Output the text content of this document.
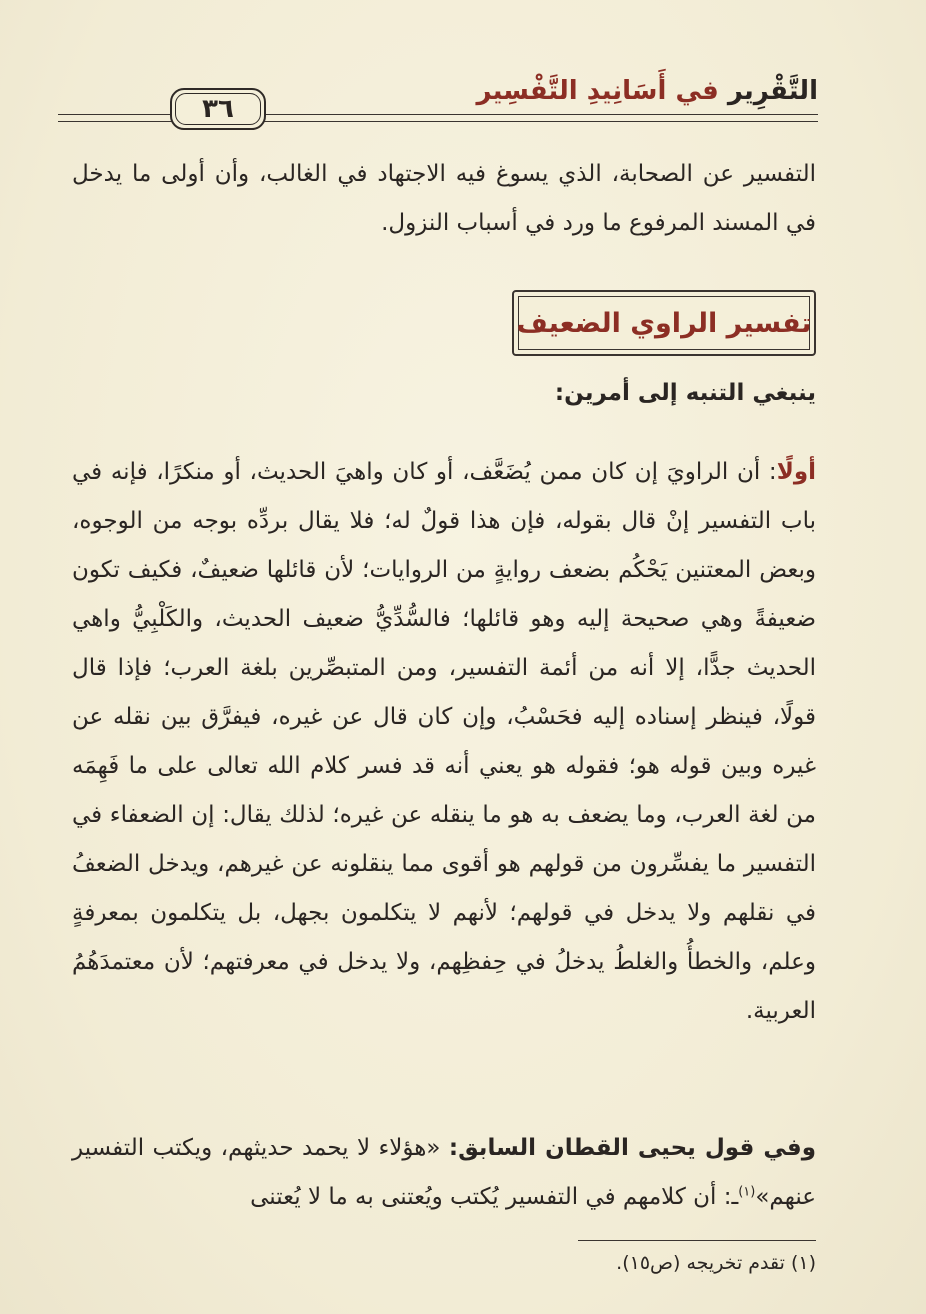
التَّقْرِير في أَسَانِيدِ التَّفْسِير
٣٦
التفسير عن الصحابة، الذي يسوغ فيه الاجتهاد في الغالب، وأن أولى ما يدخل في المسند المرفوع ما ورد في أسباب النزول.
تفسير الراوي الضعيف
ينبغي التنبه إلى أمرين:
أولًا: أن الراويَ إن كان ممن يُضَعَّف، أو كان واهيَ الحديث، أو منكرًا، فإنه في باب التفسير إنْ قال بقوله، فإن هذا قولٌ له؛ فلا يقال بردِّه بوجه من الوجوه، وبعض المعتنين يَحْكُم بضعف روايةٍ من الروايات؛ لأن قائلها ضعيفٌ، فكيف تكون ضعيفةً وهي صحيحة إليه وهو قائلها؛ فالسُّدِّيُّ ضعيف الحديث، والكَلْبِيُّ واهي الحديث جدًّا، إلا أنه من أئمة التفسير، ومن المتبصِّرين بلغة العرب؛ فإذا قال قولًا، فينظر إسناده إليه فحَسْبُ، وإن كان قال عن غيره، فيفرَّق بين نقله عن غيره وبين قوله هو؛ فقوله هو يعني أنه قد فسر كلام الله تعالى على ما فَهِمَه من لغة العرب، وما يضعف به هو ما ينقله عن غيره؛ لذلك يقال: إن الضعفاء في التفسير ما يفسِّرون من قولهم هو أقوى مما ينقلونه عن غيرهم، ويدخل الضعفُ في نقلهم ولا يدخل في قولهم؛ لأنهم لا يتكلمون بجهل، بل يتكلمون بمعرفةٍ وعلم، والخطأُ والغلطُ يدخلُ في حِفظِهم، ولا يدخل في معرفتهم؛ لأن معتمدَهُمُ العربية.
وفي قول يحيى القطان السابق: «هؤلاء لا يحمد حديثهم، ويكتب التفسير عنهم»$^{(١)}$ـ: أن كلامهم في التفسير يُكتب ويُعتنى به ما لا يُعتنى
(١) تقدم تخريجه (ص١٥).
